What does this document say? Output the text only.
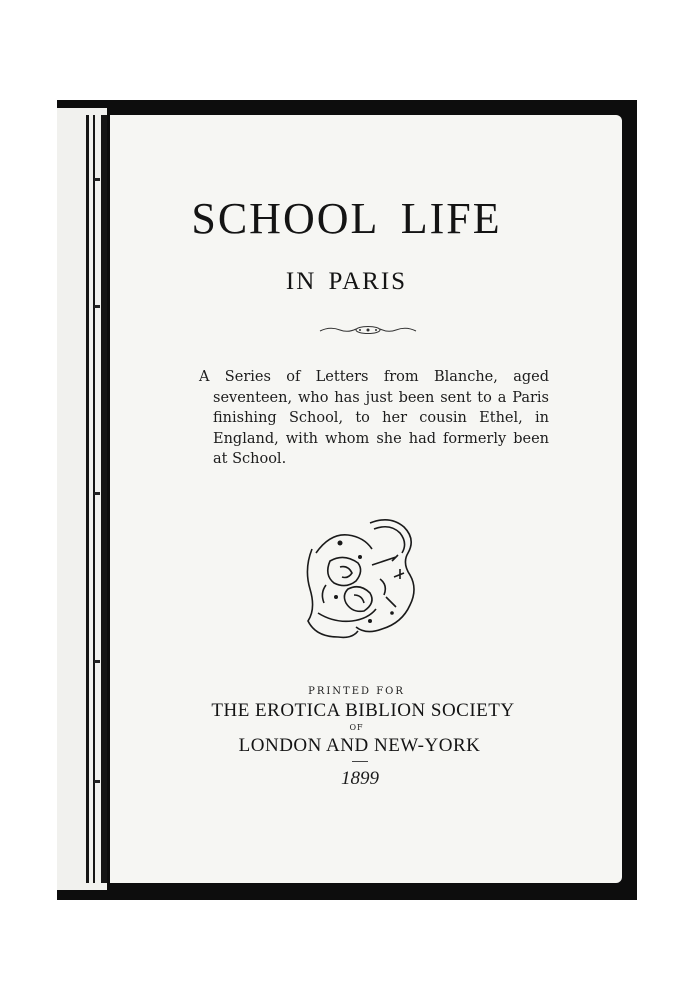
SCHOOL LIFE
IN PARIS

A Series of Letters from Blanche, aged seventeen, who has just been sent to a Paris finishing School, to her cousin Ethel, in England, with whom she had formerly been at School.

PRINTED FOR
THE EROTICA BIBLION SOCIETY
OF
LONDON AND NEW-YORK
1899
